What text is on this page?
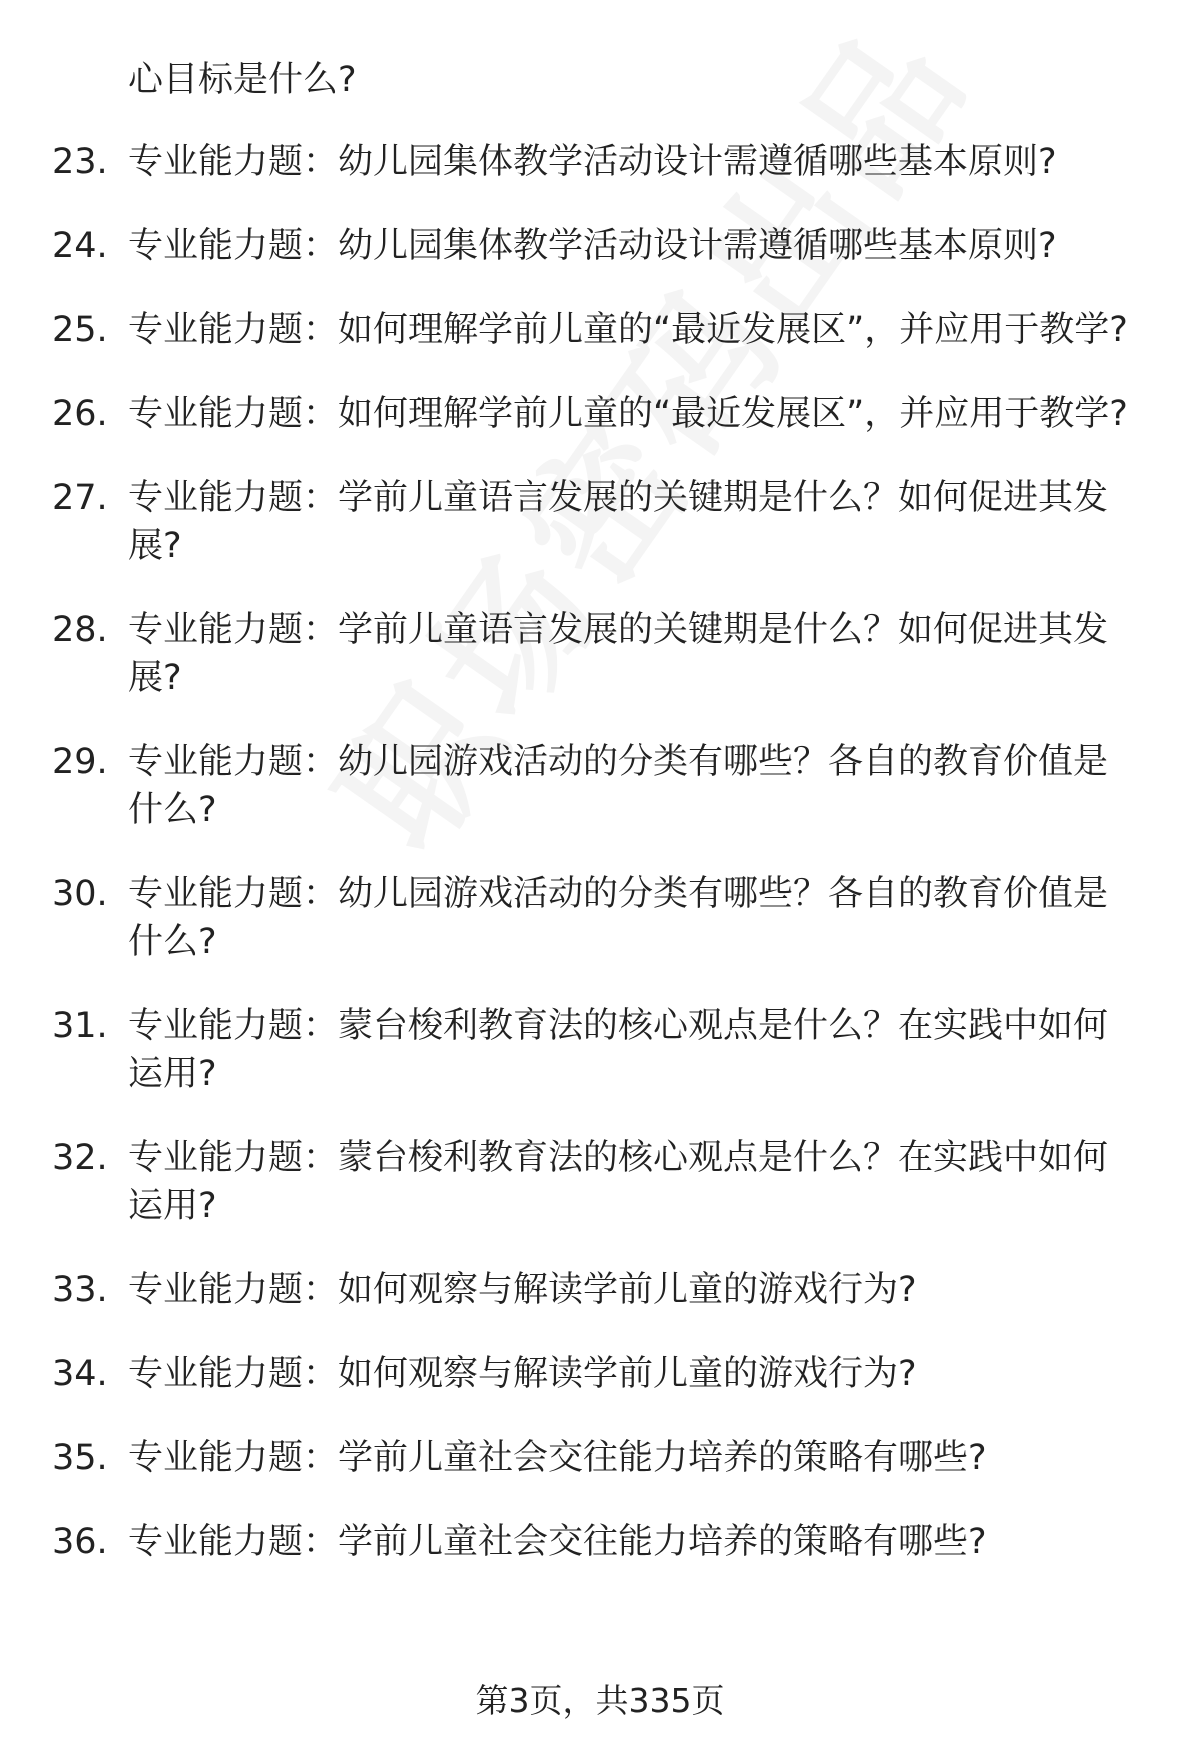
心目标是什么?
23. 专业能力题：幼儿园集体教学活动设计需遵循哪些基本原则?
24. 专业能力题：幼儿园集体教学活动设计需遵循哪些基本原则?
25. 专业能力题：如何理解学前儿童的“最近发展区”，并应用于教学?
26. 专业能力题：如何理解学前儿童的“最近发展区”，并应用于教学?
27. 专业能力题：学前儿童语言发展的关键期是什么？如何促进其发展?
28. 专业能力题：学前儿童语言发展的关键期是什么？如何促进其发展?
29. 专业能力题：幼儿园游戏活动的分类有哪些？各自的教育价值是什么?
30. 专业能力题：幼儿园游戏活动的分类有哪些？各自的教育价值是什么?
31. 专业能力题：蒙台梭利教育法的核心观点是什么？在实践中如何运用?
32. 专业能力题：蒙台梭利教育法的核心观点是什么？在实践中如何运用?
33. 专业能力题：如何观察与解读学前儿童的游戏行为?
34. 专业能力题：如何观察与解读学前儿童的游戏行为?
35. 专业能力题：学前儿童社会交往能力培养的策略有哪些?
36. 专业能力题：学前儿童社会交往能力培养的策略有哪些?
第3页，共335页
